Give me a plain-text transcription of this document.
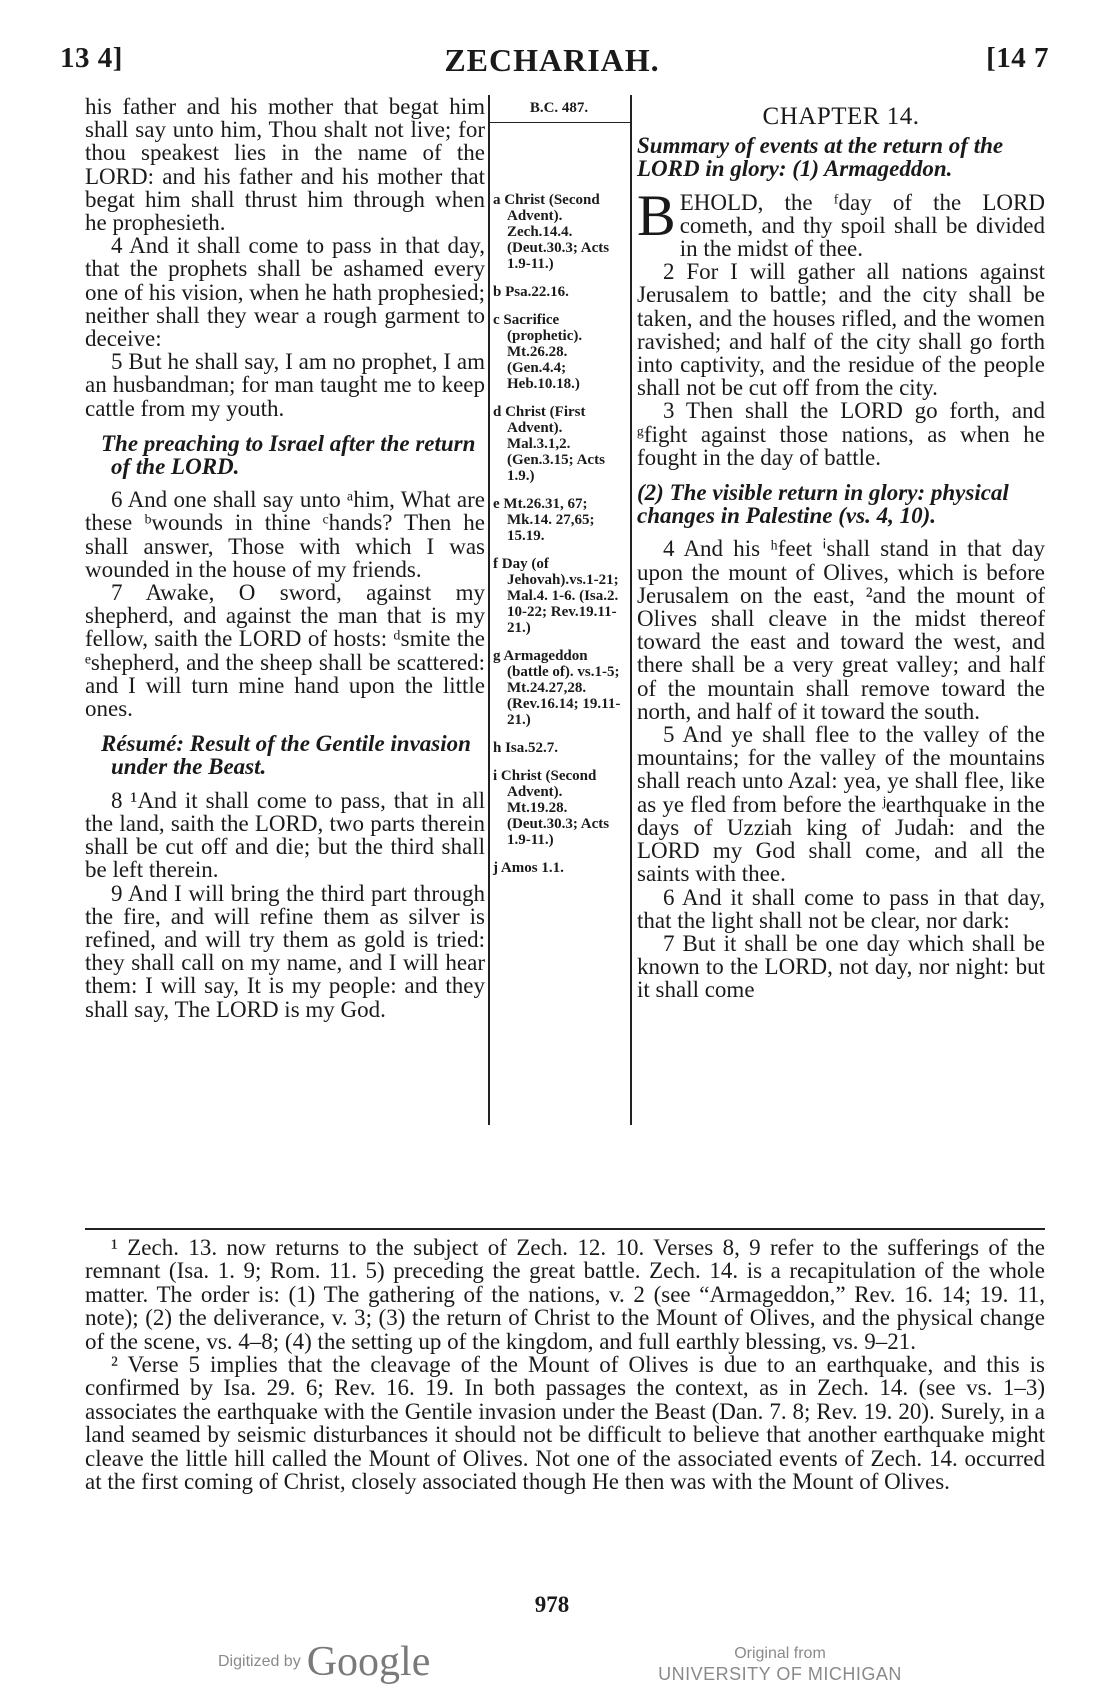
13 4]	ZECHARIAH.	[14 7

his father and his mother that begat him shall say unto him, Thou shalt not live; for thou speakest lies in the name of the LORD: and his father and his mother that begat him shall thrust him through when he prophesieth.

4 And it shall come to pass in that day, that the prophets shall be ashamed every one of his vision, when he hath prophesied; neither shall they wear a rough garment to deceive:

5 But he shall say, I am no prophet, I am an husbandman; for man taught me to keep cattle from my youth.

The preaching to Israel after the return of the LORD.

6 And one shall say unto ᵃhim, What are these ᵇwounds in thine ᶜhands? Then he shall answer, Those with which I was wounded in the house of my friends.

7 Awake, O sword, against my shepherd, and against the man that is my fellow, saith the LORD of hosts: ᵈsmite the ᵉshepherd, and the sheep shall be scattered: and I will turn mine hand upon the little ones.

Résumé: Result of the Gentile invasion under the Beast.

8 ¹And it shall come to pass, that in all the land, saith the LORD, two parts therein shall be cut off and die; but the third shall be left therein.

9 And I will bring the third part through the fire, and will refine them as silver is refined, and will try them as gold is tried: they shall call on my name, and I will hear them: I will say, It is my people: and they shall say, The LORD is my God.

B.C. 487.

a Christ (Second Advent). Zech.14.4. (Deut.30.3; Acts 1.9-11.)

b Psa.22.16.

c Sacrifice (prophetic). Mt.26.28. (Gen.4.4; Heb.10.18.)

d Christ (First Advent). Mal.3.1,2. (Gen.3.15; Acts 1.9.)

e Mt.26.31, 67; Mk.14. 27,65; 15.19.

f Day (of Jehovah).vs.1-21; Mal.4. 1-6. (Isa.2. 10-22; Rev.19.11-21.)

g Armageddon (battle of). vs.1-5; Mt.24.27,28. (Rev.16.14; 19.11-21.)

h Isa.52.7.

i Christ (Second Advent). Mt.19.28. (Deut.30.3; Acts 1.9-11.)

j Amos 1.1.

CHAPTER 14.

Summary of events at the return of the LORD in glory: (1) Armageddon.

BEHOLD, the ᶠday of the LORD cometh, and thy spoil shall be divided in the midst of thee.

2 For I will gather all nations against Jerusalem to battle; and the city shall be taken, and the houses rifled, and the women ravished; and half of the city shall go forth into captivity, and the residue of the people shall not be cut off from the city.

3 Then shall the LORD go forth, and ᵍfight against those nations, as when he fought in the day of battle.

(2) The visible return in glory: physical changes in Palestine (vs. 4, 10).

4 And his ʰfeet ⁱshall stand in that day upon the mount of Olives, which is before Jerusalem on the east, ²and the mount of Olives shall cleave in the midst thereof toward the east and toward the west, and there shall be a very great valley; and half of the mountain shall remove toward the north, and half of it toward the south.

5 And ye shall flee to the valley of the mountains; for the valley of the mountains shall reach unto Azal: yea, ye shall flee, like as ye fled from before the ʲearthquake in the days of Uzziah king of Judah: and the LORD my God shall come, and all the saints with thee.

6 And it shall come to pass in that day, that the light shall not be clear, nor dark:

7 But it shall be one day which shall be known to the LORD, not day, nor night: but it shall come

¹ Zech. 13. now returns to the subject of Zech. 12. 10. Verses 8, 9 refer to the sufferings of the remnant (Isa. 1. 9; Rom. 11. 5) preceding the great battle. Zech. 14. is a recapitulation of the whole matter. The order is: (1) The gathering of the nations, v. 2 (see “Armageddon,” Rev. 16. 14; 19. 11, note); (2) the deliverance, v. 3; (3) the return of Christ to the Mount of Olives, and the physical change of the scene, vs. 4–8; (4) the setting up of the kingdom, and full earthly blessing, vs. 9–21.

² Verse 5 implies that the cleavage of the Mount of Olives is due to an earthquake, and this is confirmed by Isa. 29. 6; Rev. 16. 19. In both passages the context, as in Zech. 14. (see vs. 1–3) associates the earthquake with the Gentile invasion under the Beast (Dan. 7. 8; Rev. 19. 20). Surely, in a land seamed by seismic disturbances it should not be difficult to believe that another earthquake might cleave the little hill called the Mount of Olives. Not one of the associated events of Zech. 14. occurred at the first coming of Christ, closely associated though He then was with the Mount of Olives.

978
Digitized by Google	Original from
UNIVERSITY OF MICHIGAN
